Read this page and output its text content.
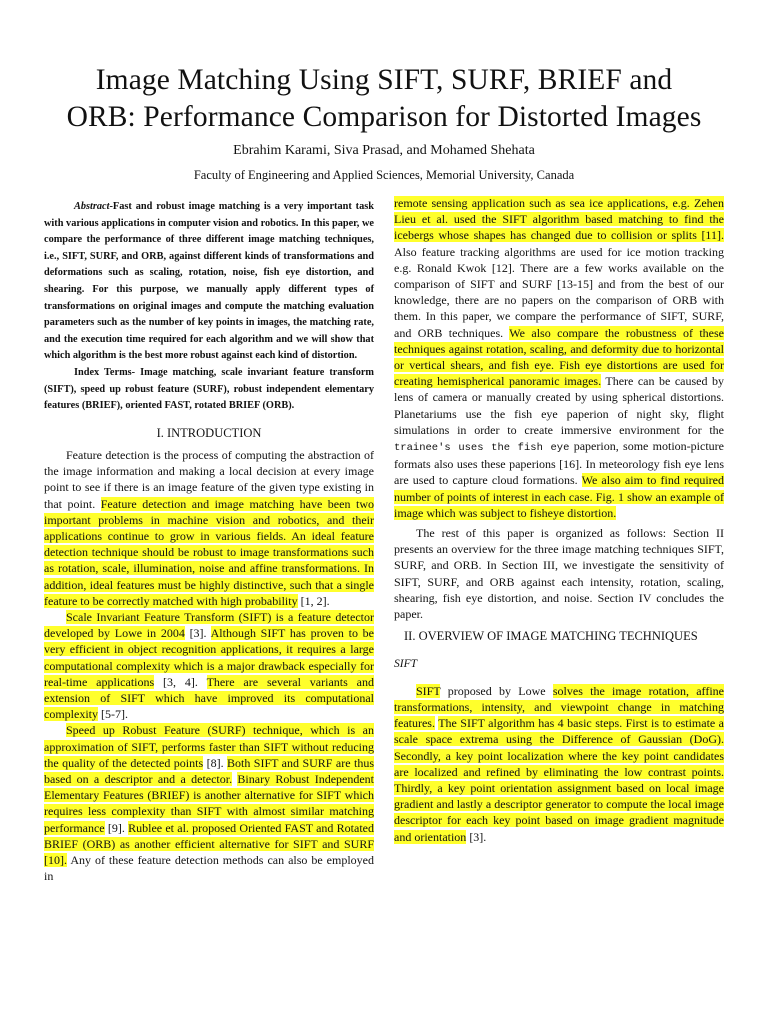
Image Matching Using SIFT, SURF, BRIEF and
ORB: Performance Comparison for Distorted Images
Ebrahim Karami, Siva Prasad, and Mohamed Shehata
Faculty of Engineering and Applied Sciences, Memorial University, Canada

Abstract-Fast and robust image matching is a very important task with various applications in computer vision and robotics. In this paper, we compare the performance of three different image matching techniques, i.e., SIFT, SURF, and ORB, against different kinds of transformations and deformations such as scaling, rotation, noise, fish eye distortion, and shearing. For this purpose, we manually apply different types of transformations on original images and compute the matching evaluation parameters such as the number of key points in images, the matching rate, and the execution time required for each algorithm and we will show that which algorithm is the best more robust against each kind of distortion.

Index Terms- Image matching, scale invariant feature transform (SIFT), speed up robust feature (SURF), robust independent elementary features (BRIEF), oriented FAST, rotated BRIEF (ORB).

I. INTRODUCTION

Feature detection is the process of computing the abstraction of the image information and making a local decision at every image point to see if there is an image feature of the given type existing in that point. Feature detection and image matching have been two important problems in machine vision and robotics, and their applications continue to grow in various fields. An ideal feature detection technique should be robust to image transformations such as rotation, scale, illumination, noise and affine transformations. In addition, ideal features must be highly distinctive, such that a single feature to be correctly matched with high probability [1, 2].

Scale Invariant Feature Transform (SIFT) is a feature detector developed by Lowe in 2004 [3]. Although SIFT has proven to be very efficient in object recognition applications, it requires a large computational complexity which is a major drawback especially for real-time applications [3, 4]. There are several variants and extension of SIFT which have improved its computational complexity [5-7].

Speed up Robust Feature (SURF) technique, which is an approximation of SIFT, performs faster than SIFT without reducing the quality of the detected points [8]. Both SIFT and SURF are thus based on a descriptor and a detector. Binary Robust Independent Elementary Features (BRIEF) is another alternative for SIFT which requires less complexity than SIFT with almost similar matching performance [9]. Rublee et al. proposed Oriented FAST and Rotated BRIEF (ORB) as another efficient alternative for SIFT and SURF [10]. Any of these feature detection methods can also be employed in

remote sensing application such as sea ice applications, e.g. Zehen Lieu et al. used the SIFT algorithm based matching to find the icebergs whose shapes has changed due to collision or splits [11]. Also feature tracking algorithms are used for ice motion tracking e.g. Ronald Kwok [12]. There are a few works available on the comparison of SIFT and SURF [13-15] and from the best of our knowledge, there are no papers on the comparison of ORB with them. In this paper, we compare the performance of SIFT, SURF, and ORB techniques. We also compare the robustness of these techniques against rotation, scaling, and deformity due to horizontal or vertical shears, and fish eye. Fish eye distortions are used for creating hemispherical panoramic images. There can be caused by lens of camera or manually created by using spherical distortions. Planetariums use the fish eye paperion of night sky, flight simulations in order to create immersive environment for the trainee's uses the fish eye paperion, some motion-picture formats also uses these paperions [16]. In meteorology fish eye lens are used to capture cloud formations. We also aim to find required number of points of interest in each case. Fig. 1 show an example of image which was subject to fisheye distortion.

The rest of this paper is organized as follows: Section II presents an overview for the three image matching techniques SIFT, SURF, and ORB. In Section III, we investigate the sensitivity of SIFT, SURF, and ORB against each intensity, rotation, scaling, shearing, fish eye distortion, and noise. Section IV concludes the paper.

II. OVERVIEW OF IMAGE MATCHING TECHNIQUES
SIFT

SIFT proposed by Lowe solves the image rotation, affine transformations, intensity, and viewpoint change in matching features. The SIFT algorithm has 4 basic steps. First is to estimate a scale space extrema using the Difference of Gaussian (DoG). Secondly, a key point localization where the key point candidates are localized and refined by eliminating the low contrast points. Thirdly, a key point orientation assignment based on local image gradient and lastly a descriptor generator to compute the local image descriptor for each key point based on image gradient magnitude and orientation [3].
